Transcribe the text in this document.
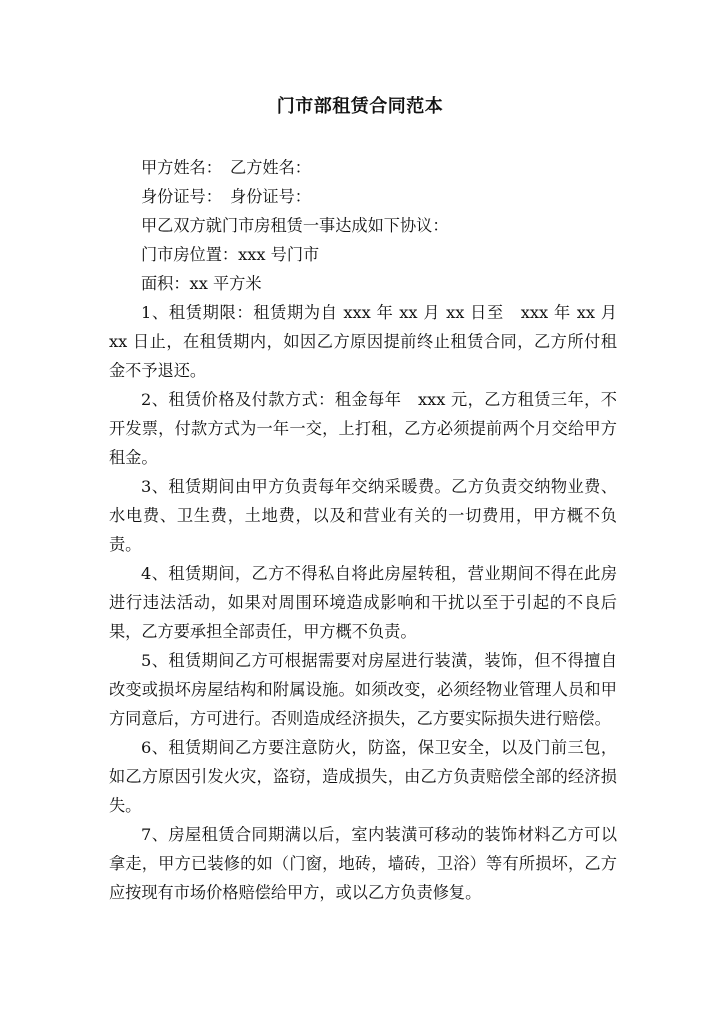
门市部租赁合同范本

甲方姓名：　乙方姓名：

身份证号：　身份证号：

甲乙双方就门市房租赁一事达成如下协议：

门市房位置：xxx 号门市

面积：xx 平方米

1、租赁期限：租赁期为自 xxx 年 xx 月 xx 日至　xxx 年 xx 月 xx 日止，在租赁期内，如因乙方原因提前终止租赁合同，乙方所付租金不予退还。

2、租赁价格及付款方式：租金每年　xxx 元，乙方租赁三年，不开发票，付款方式为一年一交，上打租，乙方必须提前两个月交给甲方租金。

3、租赁期间由甲方负责每年交纳采暖费。乙方负责交纳物业费、水电费、卫生费，土地费，以及和营业有关的一切费用，甲方概不负责。

4、租赁期间，乙方不得私自将此房屋转租，营业期间不得在此房进行违法活动，如果对周围环境造成影响和干扰以至于引起的不良后果，乙方要承担全部责任，甲方概不负责。

5、租赁期间乙方可根据需要对房屋进行装潢，装饰，但不得擅自改变或损坏房屋结构和附属设施。如须改变，必须经物业管理人员和甲方同意后，方可进行。否则造成经济损失，乙方要实际损失进行赔偿。

6、租赁期间乙方要注意防火，防盗，保卫安全，以及门前三包，如乙方原因引发火灾，盗窃，造成损失，由乙方负责赔偿全部的经济损失。

7、房屋租赁合同期满以后，室内装潢可移动的装饰材料乙方可以拿走，甲方已装修的如（门窗，地砖，墙砖，卫浴）等有所损坏，乙方应按现有市场价格赔偿给甲方，或以乙方负责修复。
